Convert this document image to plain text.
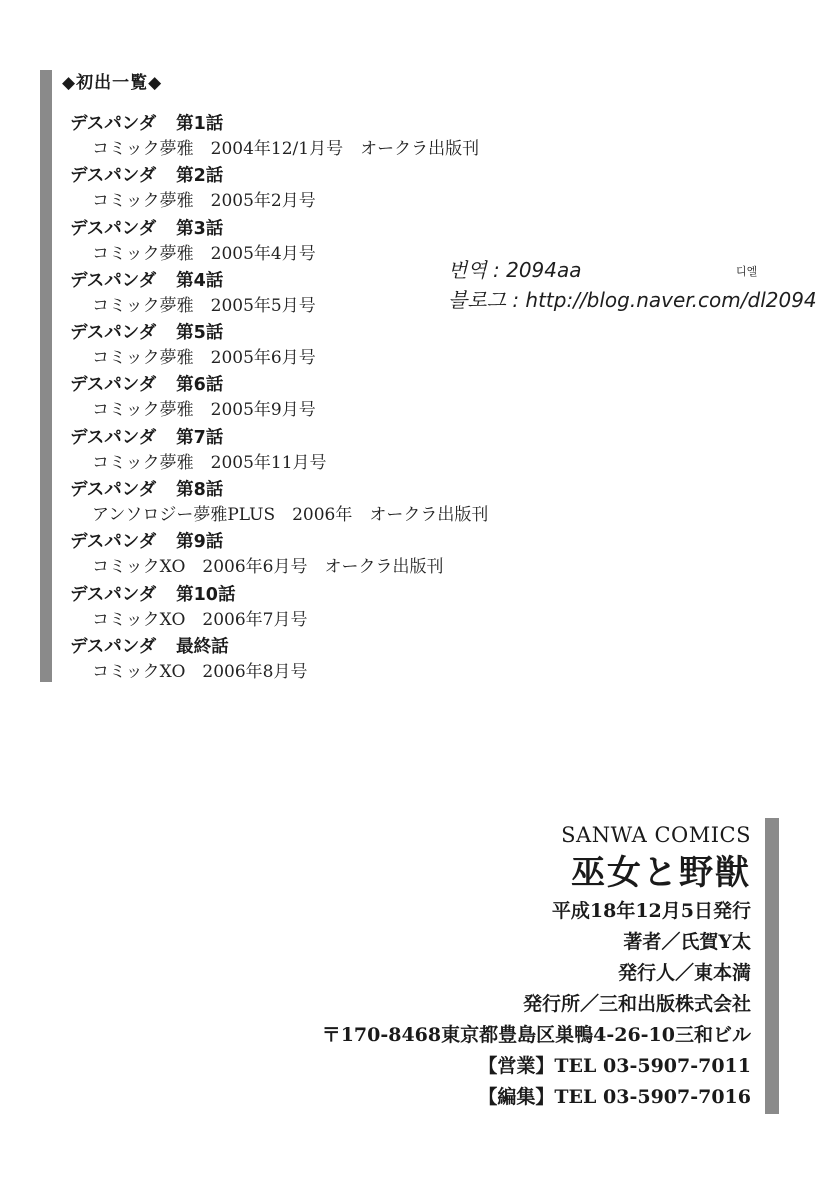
◆初出一覧◆
デスパンダ 第1話
コミック夢雅　2004年12/1月号　オークラ出版刊
デスパンダ 第2話
コミック夢雅　2005年2月号
デスパンダ 第3話
コミック夢雅　2005年4月号
デスパンダ 第4話
コミック夢雅　2005年5月号
デスパンダ 第5話
コミック夢雅　2005年6月号
デスパンダ 第6話
コミック夢雅　2005年9月号
デスパンダ 第7話
コミック夢雅　2005年11月号
デスパンダ 第8話
アンソロジー夢雅PLUS　2006年　オークラ出版刊
デスパンダ 第9話
コミックXO　2006年6月号　オークラ出版刊
デスパンダ 第10話
コミックXO　2006年7月号
デスパンダ 最終話
コミックXO　2006年8月号
번역 : 2094aa
블로그 : http://blog.naver.com/dl2094
디엘
SANWA COMICS
巫女と野獣
平成18年12月5日発行
著者／氏賀Y太
発行人／東本満
発行所／三和出版株式会社
〒170-8468東京都豊島区巣鴨4-26-10三和ビル
【営業】TEL 03-5907-7011
【編集】TEL 03-5907-7016
